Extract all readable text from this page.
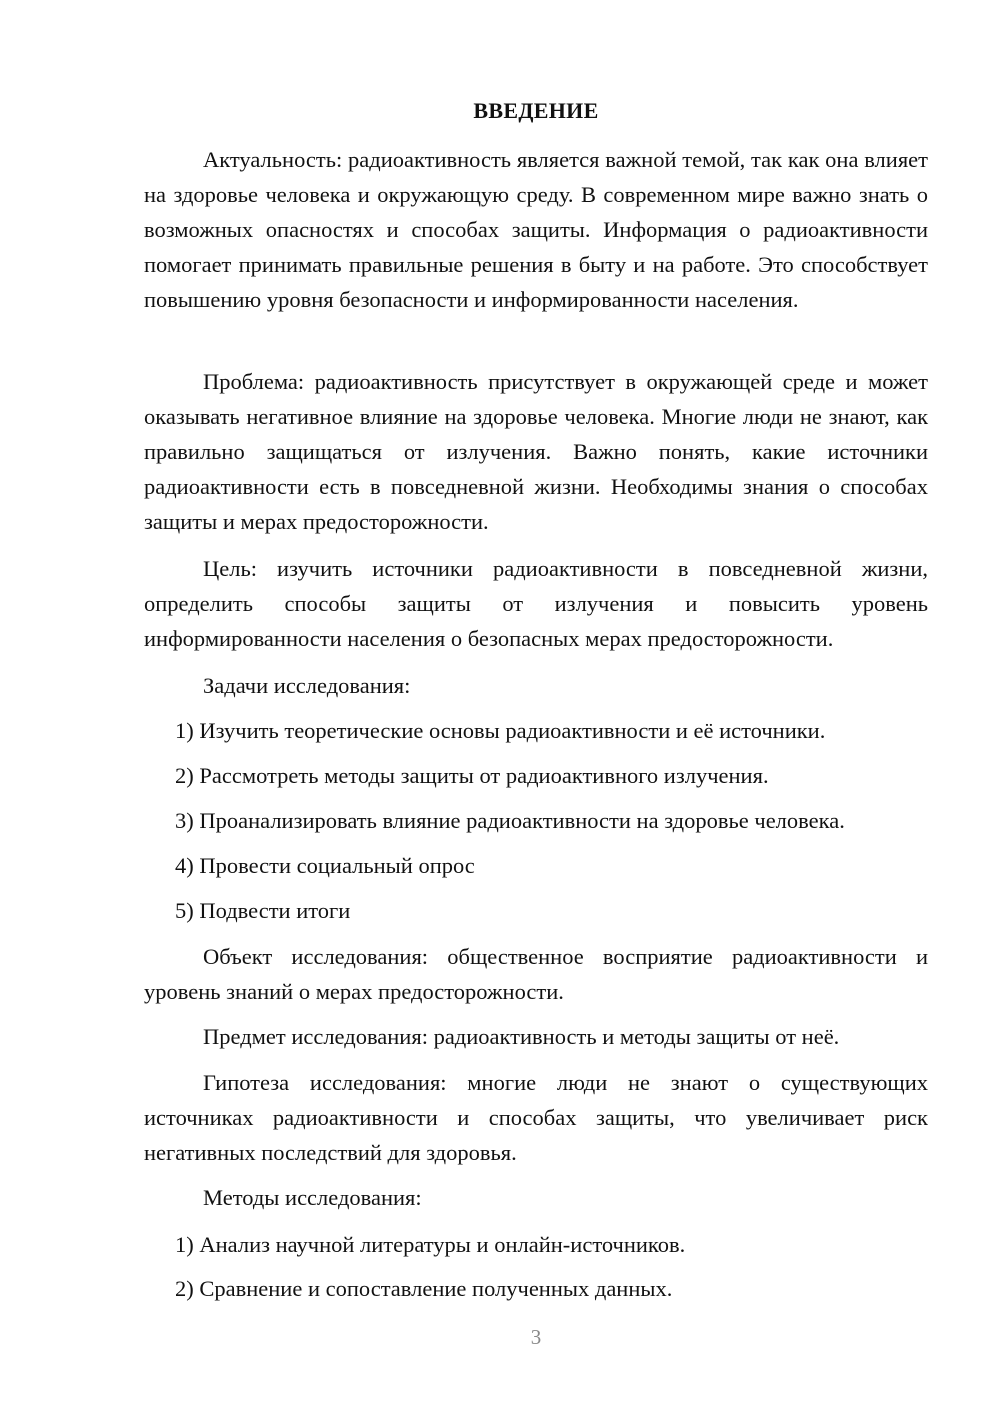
ВВЕДЕНИЕ

Актуальность: радиоактивность является важной темой, так как она влияет на здоровье человека и окружающую среду. В современном мире важно знать о возможных опасностях и способах защиты. Информация о радиоактивности помогает принимать правильные решения в быту и на работе. Это способствует повышению уровня безопасности и информированности населения.

Проблема: радиоактивность присутствует в окружающей среде и может оказывать негативное влияние на здоровье человека. Многие люди не знают, как правильно защищаться от излучения. Важно понять, какие источники радиоактивности есть в повседневной жизни. Необходимы знания о способах защиты и мерах предосторожности.

Цель: изучить источники радиоактивности в повседневной жизни, определить способы защиты от излучения и повысить уровень информированности населения о безопасных мерах предосторожности.

Задачи исследования:

1) Изучить теоретические основы радиоактивности и её источники.

2) Рассмотреть методы защиты от радиоактивного излучения.

3) Проанализировать влияние радиоактивности на здоровье человека.

4) Провести социальный опрос

5) Подвести итоги

Объект исследования: общественное восприятие радиоактивности и уровень знаний о мерах предосторожности.

Предмет исследования: радиоактивность и методы защиты от неё.

Гипотеза исследования: многие люди не знают о существующих источниках радиоактивности и способах защиты, что увеличивает риск негативных последствий для здоровья.

Методы исследования:

1) Анализ научной литературы и онлайн-источников.

2) Сравнение и сопоставление полученных данных.

3
